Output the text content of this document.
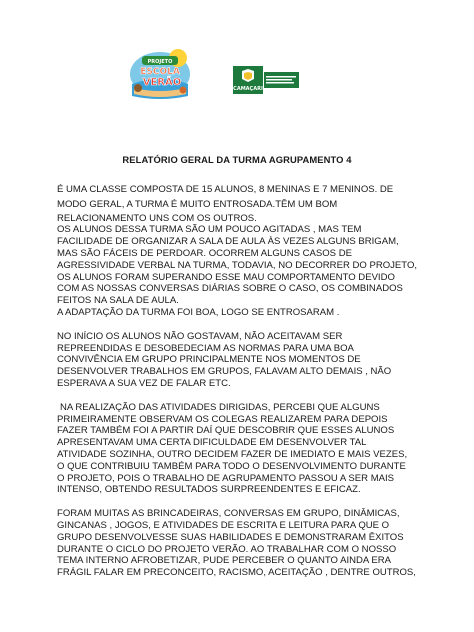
PROJETO
ESCOLA
VERÃO
CAMAÇARI
RELATÓRIO GERAL DA TURMA AGRUPAMENTO 4

É UMA CLASSE COMPOSTA DE 15 ALUNOS, 8 MENINAS E 7 MENINOS. DE

MODO GERAL, A TURMA É MUITO ENTROSADA.TÊM UM BOM

RELACIONAMENTO UNS COM OS OUTROS.

OS ALUNOS DESSA TURMA SÃO UM POUCO AGITADAS , MAS TEM

FACILIDADE DE ORGANIZAR A SALA DE AULA ÀS VEZES ALGUNS BRIGAM,

MAS SÃO FÁCEIS DE PERDOAR. OCORREM ALGUNS CASOS DE

AGRESSIVIDADE VERBAL NA TURMA, TODAVIA, NO DECORRER DO PROJETO,

OS ALUNOS FORAM SUPERANDO ESSE MAU COMPORTAMENTO DEVIDO

COM AS NOSSAS CONVERSAS DIÁRIAS SOBRE O CASO, OS COMBINADOS

FEITOS NA SALA DE AULA.

A ADAPTAÇÃO DA TURMA FOI BOA, LOGO SE ENTROSARAM .

NO INÍCIO OS ALUNOS NÃO GOSTAVAM, NÃO ACEITAVAM SER

REPREENDIDAS E DESOBEDECIAM AS NORMAS PARA UMA BOA

CONVIVÊNCIA EM GRUPO PRINCIPALMENTE NOS MOMENTOS DE

DESENVOLVER TRABALHOS EM GRUPOS, FALAVAM ALTO DEMAIS , NÃO

ESPERAVA A SUA VEZ DE FALAR ETC.

NA REALIZAÇÃO DAS ATIVIDADES DIRIGIDAS, PERCEBI QUE ALGUNS

PRIMEIRAMENTE OBSERVAM OS COLEGAS REALIZAREM PARA DEPOIS

FAZER TAMBÉM FOI A PARTIR DAÍ QUE DESCOBRIR QUE ESSES ALUNOS

APRESENTAVAM UMA CERTA DIFICULDADE EM DESENVOLVER TAL

ATIVIDADE SOZINHA, OUTRO DECIDEM FAZER DE IMEDIATO E MAIS VEZES,

O QUE CONTRIBUIU TAMBÉM PARA TODO O DESENVOLVIMENTO DURANTE

O PROJETO, POIS O TRABALHO DE AGRUPAMENTO PASSOU A SER MAIS

INTENSO, OBTENDO RESULTADOS SURPREENDENTES E EFICAZ.

FORAM MUITAS AS BRINCADEIRAS, CONVERSAS EM GRUPO, DINÂMICAS,

GINCANAS , JOGOS, E ATIVIDADES DE ESCRITA E LEITURA PARA QUE O

GRUPO DESENVOLVESSE SUAS HABILIDADES E DEMONSTRARAM ÊXITOS

DURANTE O CICLO DO PROJETO VERÃO. AO TRABALHAR COM O NOSSO

TEMA INTERNO AFROBETIZAR, PUDE PERCEBER O QUANTO AINDA ERA

FRÁGIL FALAR EM PRECONCEITO, RACISMO, ACEITAÇÃO , DENTRE OUTROS,
